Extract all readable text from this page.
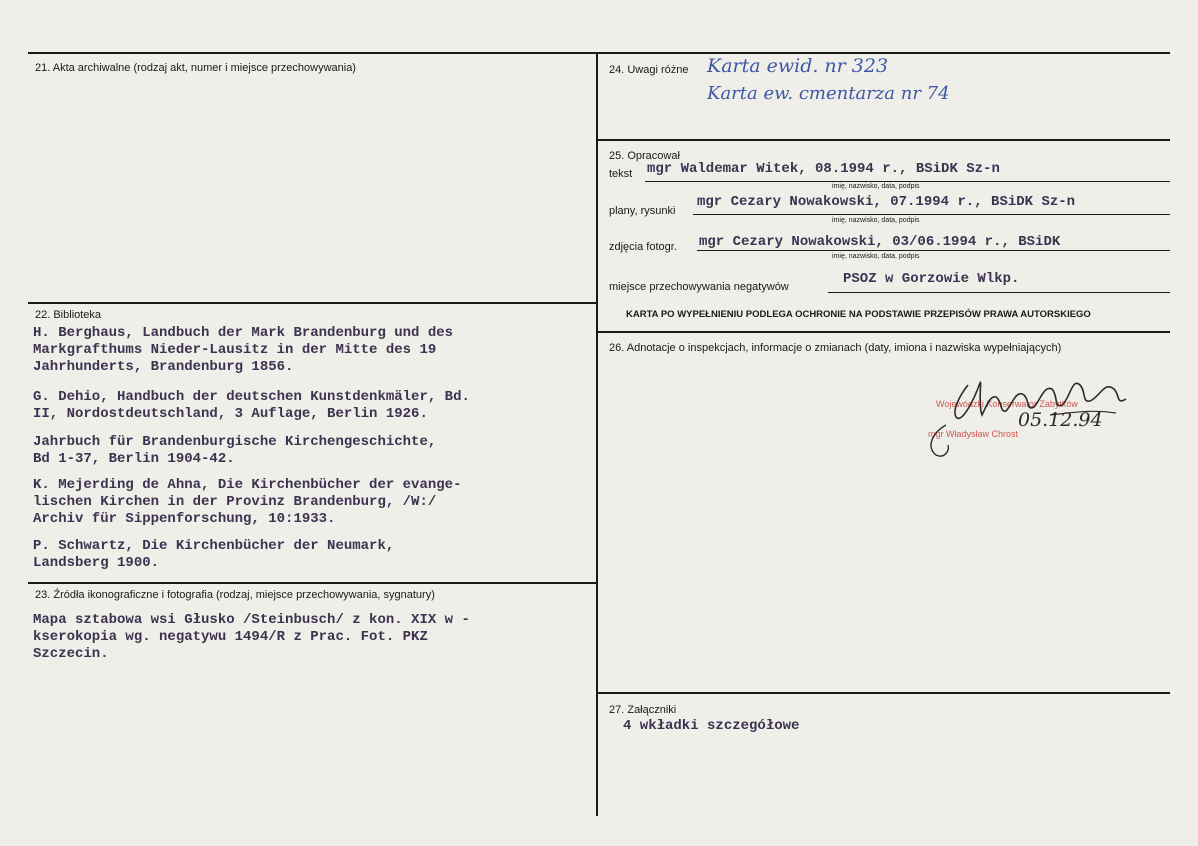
21. Akta archiwalne (rodzaj akt, numer i miejsce przechowywania)
22. Biblioteka
H. Berghaus, Landbuch der Mark Brandenburg und des
Markgrafthums Nieder-Lausitz in der Mitte des 19
Jahrhunderts, Brandenburg 1856.
G. Dehio, Handbuch der deutschen Kunstdenkmäler, Bd.
II, Nordostdeutschland, 3 Auflage, Berlin 1926.
Jahrbuch für Brandenburgische Kirchengeschichte,
Bd 1-37, Berlin 1904-42.
K. Mejerding de Ahna, Die Kirchenbücher der evange-
lischen Kirchen in der Provinz Brandenburg, /W:/
Archiv für Sippenforschung, 10:1933.
P. Schwartz, Die Kirchenbücher der Neumark,
Landsberg 1900.
23. Źródła ikonograficzne i fotografia (rodzaj, miejsce przechowywania, sygnatury)
Mapa sztabowa wsi Głusko /Steinbusch/ z kon. XIX w -
kserokopia wg. negatywu 1494/R z Prac. Fot. PKZ
Szczecin.
24. Uwagi różne Karta ewid. nr 323
Karta ew. cmentarza nr 74
25. Opracował
tekst mgr Waldemar Witek, 08.1994 r., BSiDK Sz-n
imię, nazwisko, data, podpis
plany, rysunki
mgr Cezary Nowakowski, 07.1994 r., BSiDK Sz-n
imię, nazwisko, data, podpis
zdjęcia fotogr. mgr Cezary Nowakowski, 03/06.1994 r., BSiDK
imię, nazwisko, data, podpis
miejsce przechowywania negatywów	PSOZ w Gorzowie Wlkp.
KARTA PO WYPEŁNIENIU PODLEGA OCHRONIE NA PODSTAWIE PRZEPISÓW PRAWA AUTORSKIEGO
26. Adnotacje o inspekcjach, informacje o zmianach (daty, imiona i nazwiska wypełniających)
Wojewódzki Konserwator Zabytków
mgr Władysław Chrost
05.12.94
27. Załączniki
4 wkładki szczegółowe
